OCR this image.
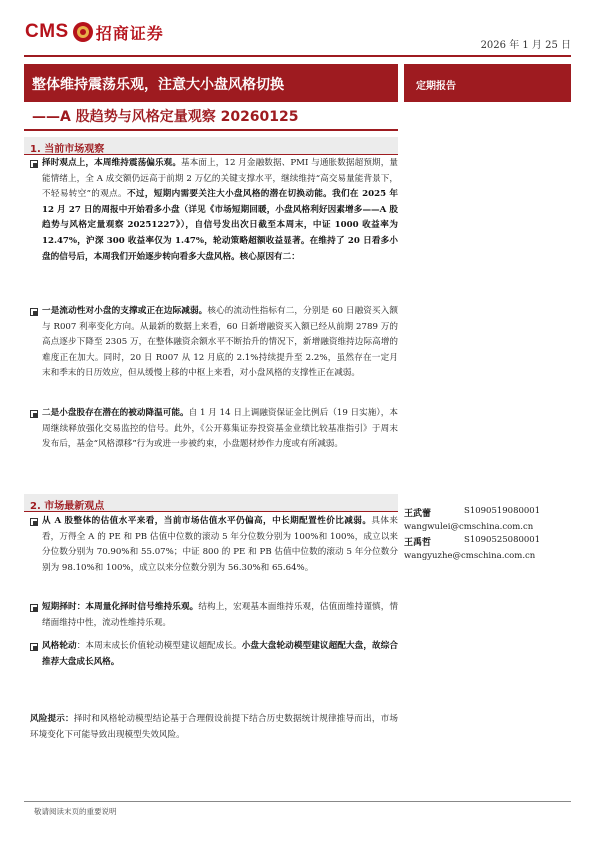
CMS 招商证券
2026 年 1 月 25 日
整体维持震荡乐观，注意大小盘风格切换
——A 股趋势与风格定量观察 20260125
定期报告
1. 当前市场观察
择时观点上，本周维持震荡偏乐观。基本面上，12 月金融数据、PMI 与通胀数据超预期，量能情绪上，全 A 成交额仍远高于前期 2 万亿的关键支撑水平，继续维持“高交易量能背景下，不轻易转空”的观点。不过，短期内需要关注大小盘风格的潜在切换动能。我们在 2025 年 12 月 27 日的周报中开始看多小盘（详见《市场短期回暖，小盘风格利好因素增多——A 股趋势与风格定量观察 20251227》），自信号发出次日截至本周末，中证 1000 收益率为 12.47%，沪深 300 收益率仅为 1.47%，轮动策略超额收益显著。在维持了 20 日看多小盘的信号后，本周我们开始逐步转向看多大盘风格。核心原因有二：
一是流动性对小盘的支撑或正在边际减弱。核心的流动性指标有二，分别是 60 日融资买入额与 R007 利率变化方向。从最新的数据上来看，60 日新增融资买入额已经从前期 2789 万的高点逐步下降至 2305 万，在整体融资余额水平不断抬升的情况下，新增融资维持边际高增的难度正在加大。同时，20 日 R007 从 12 月底的 2.1%持续提升至 2.2%，虽然存在一定月末和季末的日历效应，但从缓慢上移的中枢上来看，对小盘风格的支撑性正在减弱。
二是小盘股存在潜在的被动降温可能。自 1 月 14 日上调融资保证金比例后（19 日实施），本周继续释放强化交易监控的信号。此外，《公开募集证券投资基金业绩比较基准指引》于周末发布后，基金“风格漂移”行为或进一步被约束，小盘题材炒作力度或有所减弱。
2. 市场最新观点
从 A 股整体的估值水平来看，当前市场估值水平仍偏高，中长期配置性价比减弱。具体来看，万得全 A 的 PE 和 PB 估值中位数的滚动 5 年分位数分别为 100%和 100%，成立以来分位数分别为 70.90%和 55.07%；中证 800 的 PE 和 PB 估值中位数的滚动 5 年分位数分别为 98.10%和 100%，成立以来分位数分别为 56.30%和 65.64%。
短期择时：本周量化择时信号维持乐观。结构上，宏观基本面维持乐观，估值面维持谨慎，情绪面维持中性，流动性维持乐观。
风格轮动：本周末成长价值轮动模型建议超配成长。小盘大盘轮动模型建议超配大盘，故综合推荐大盘成长风格。
王武蕾	S1090519080001
wangwulei@cmschina.com.cn
王禹哲	S1090525080001
wangyuzhe@cmschina.com.cn
风险提示：择时和风格轮动模型结论基于合理假设前提下结合历史数据统计规律推导而出，市场环境变化下可能导致出现模型失效风险。
敬请阅读末页的重要说明
